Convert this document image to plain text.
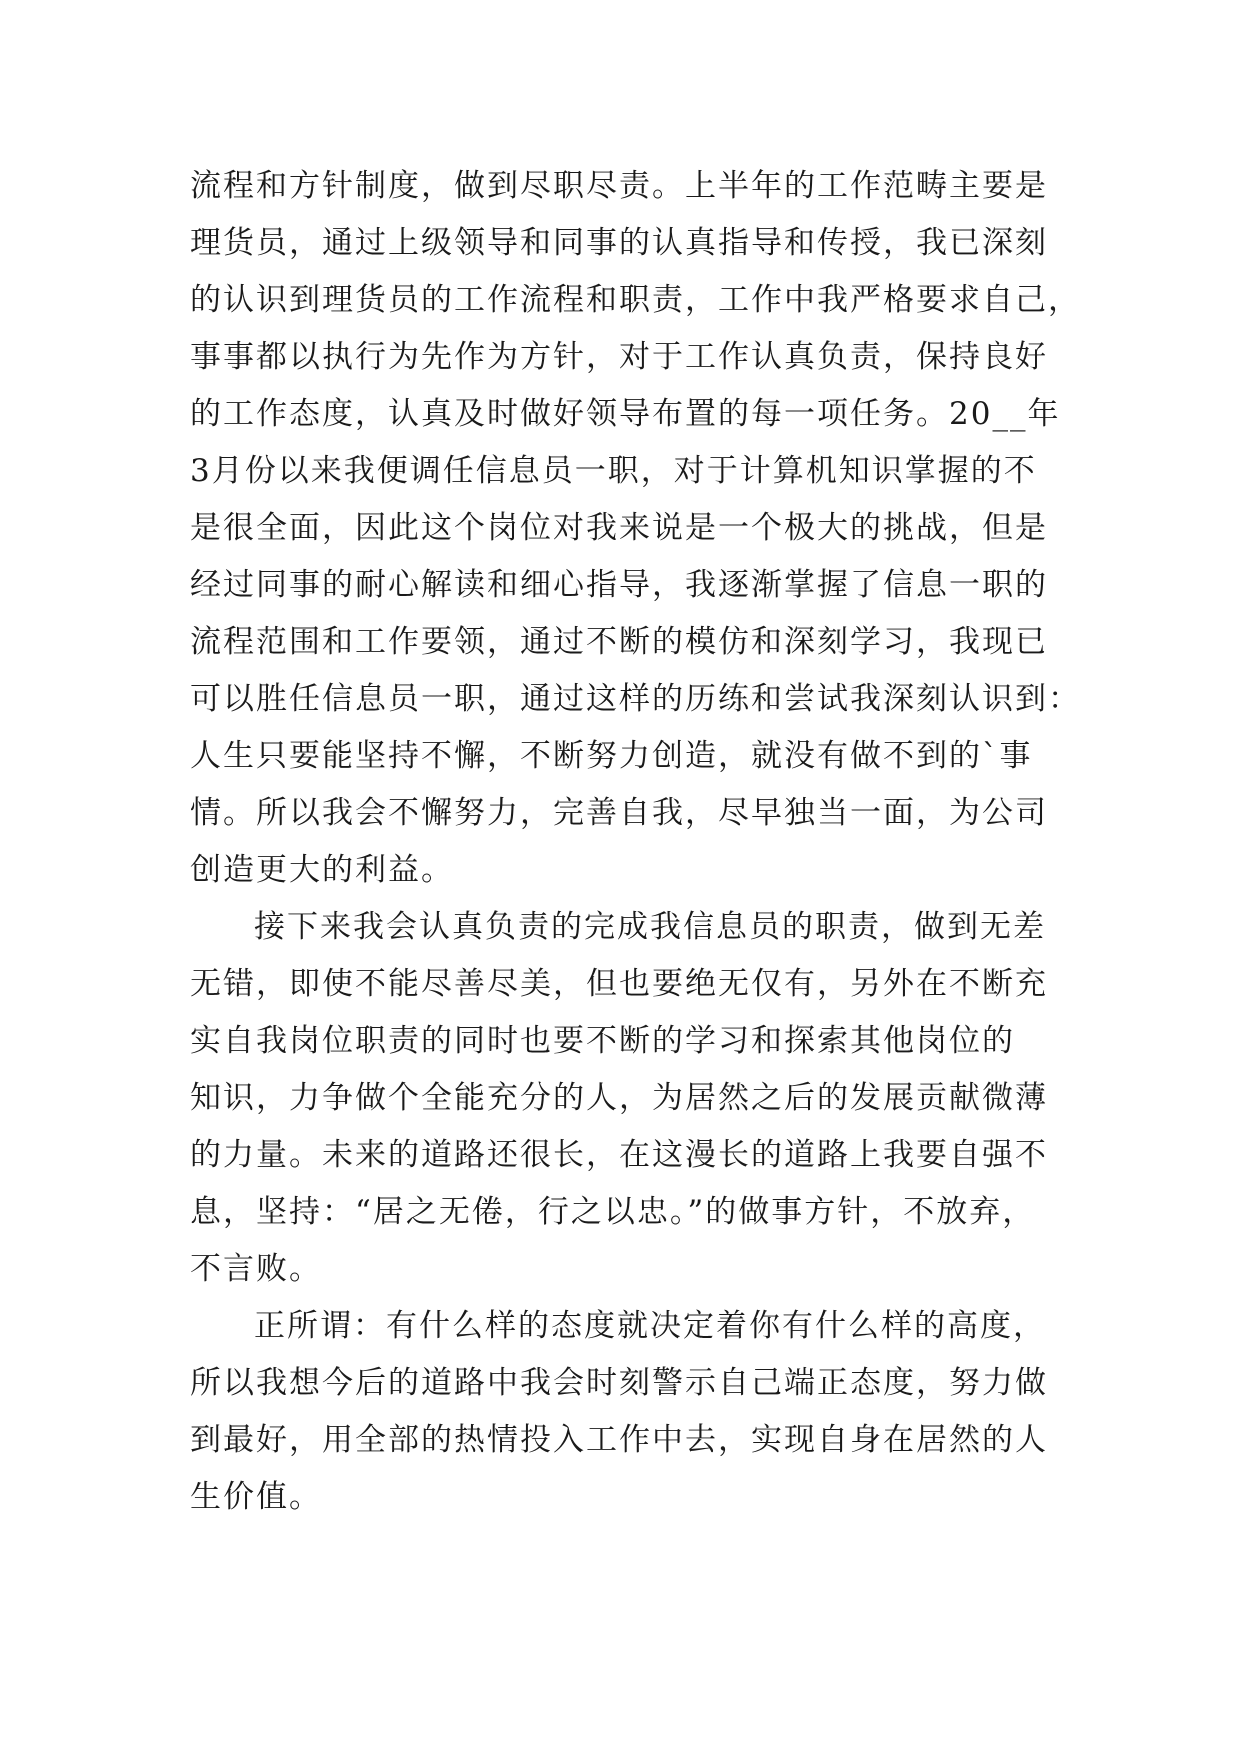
流程和方针制度，做到尽职尽责。上半年的工作范畴主要是
理货员，通过上级领导和同事的认真指导和传授，我已深刻
的认识到理货员的工作流程和职责，工作中我严格要求自己，
事事都以执行为先作为方针，对于工作认真负责，保持良好
的工作态度，认真及时做好领导布置的每一项任务。20__年
3月份以来我便调任信息员一职，对于计算机知识掌握的不
是很全面，因此这个岗位对我来说是一个极大的挑战，但是
经过同事的耐心解读和细心指导，我逐渐掌握了信息一职的
流程范围和工作要领，通过不断的模仿和深刻学习，我现已
可以胜任信息员一职，通过这样的历练和尝试我深刻认识到：
人生只要能坚持不懈，不断努力创造，就没有做不到的`事
情。所以我会不懈努力，完善自我，尽早独当一面，为公司
创造更大的利益。
接下来我会认真负责的完成我信息员的职责，做到无差
无错，即使不能尽善尽美，但也要绝无仅有，另外在不断充
实自我岗位职责的同时也要不断的学习和探索其他岗位的
知识，力争做个全能充分的人，为居然之后的发展贡献微薄
的力量。未来的道路还很长，在这漫长的道路上我要自强不
息，坚持：“居之无倦，行之以忠。”的做事方针，不放弃，
不言败。
正所谓：有什么样的态度就决定着你有什么样的高度，
所以我想今后的道路中我会时刻警示自己端正态度，努力做
到最好，用全部的热情投入工作中去，实现自身在居然的人
生价值。
